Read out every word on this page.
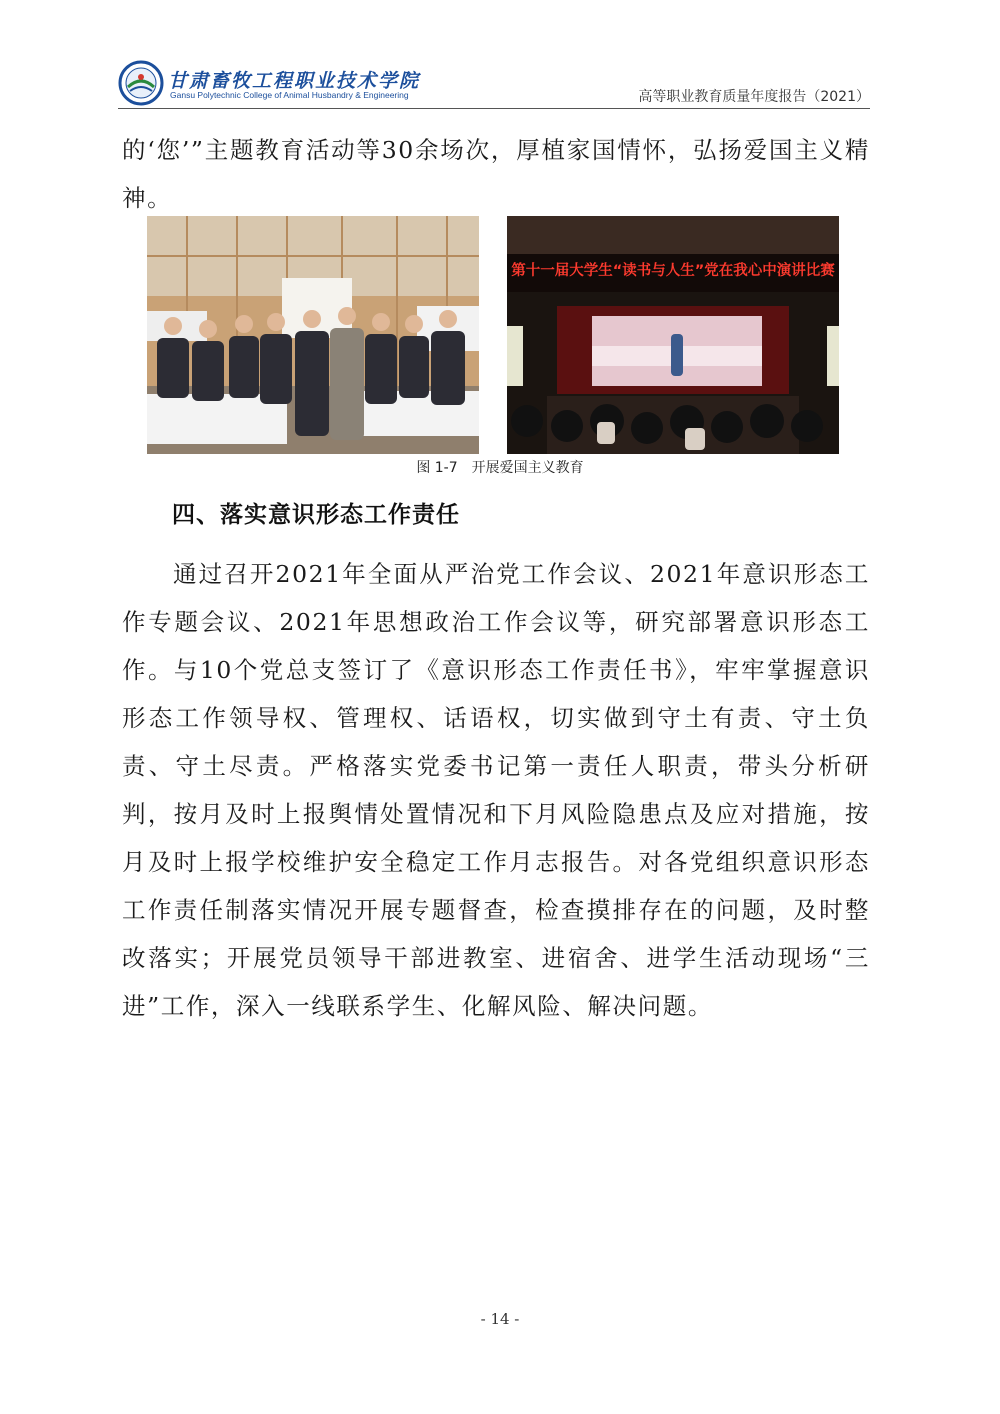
甘肃畜牧工程职业技术学院
Gansu Polytechnic College of Animal Husbandry & Engineering	高等职业教育质量年度报告（2021）

的‘您’”主题教育活动等30余场次，厚植家国情怀，弘扬爱国主义精神。

第十一届大学生“读书与人生”党在我心中演讲比赛
图 1-7　开展爱国主义教育
四、落实意识形态工作责任

通过召开2021年全面从严治党工作会议、2021年意识形态工作专题会议、2021年思想政治工作会议等，研究部署意识形态工作。与10个党总支签订了《意识形态工作责任书》，牢牢掌握意识形态工作领导权、管理权、话语权，切实做到守土有责、守土负责、守土尽责。严格落实党委书记第一责任人职责，带头分析研判，按月及时上报舆情处置情况和下月风险隐患点及应对措施，按月及时上报学校维护安全稳定工作月志报告。对各党组织意识形态工作责任制落实情况开展专题督查，检查摸排存在的问题，及时整改落实；开展党员领导干部进教室、进宿舍、进学生活动现场“三进”工作，深入一线联系学生、化解风险、解决问题。

- 14 -
